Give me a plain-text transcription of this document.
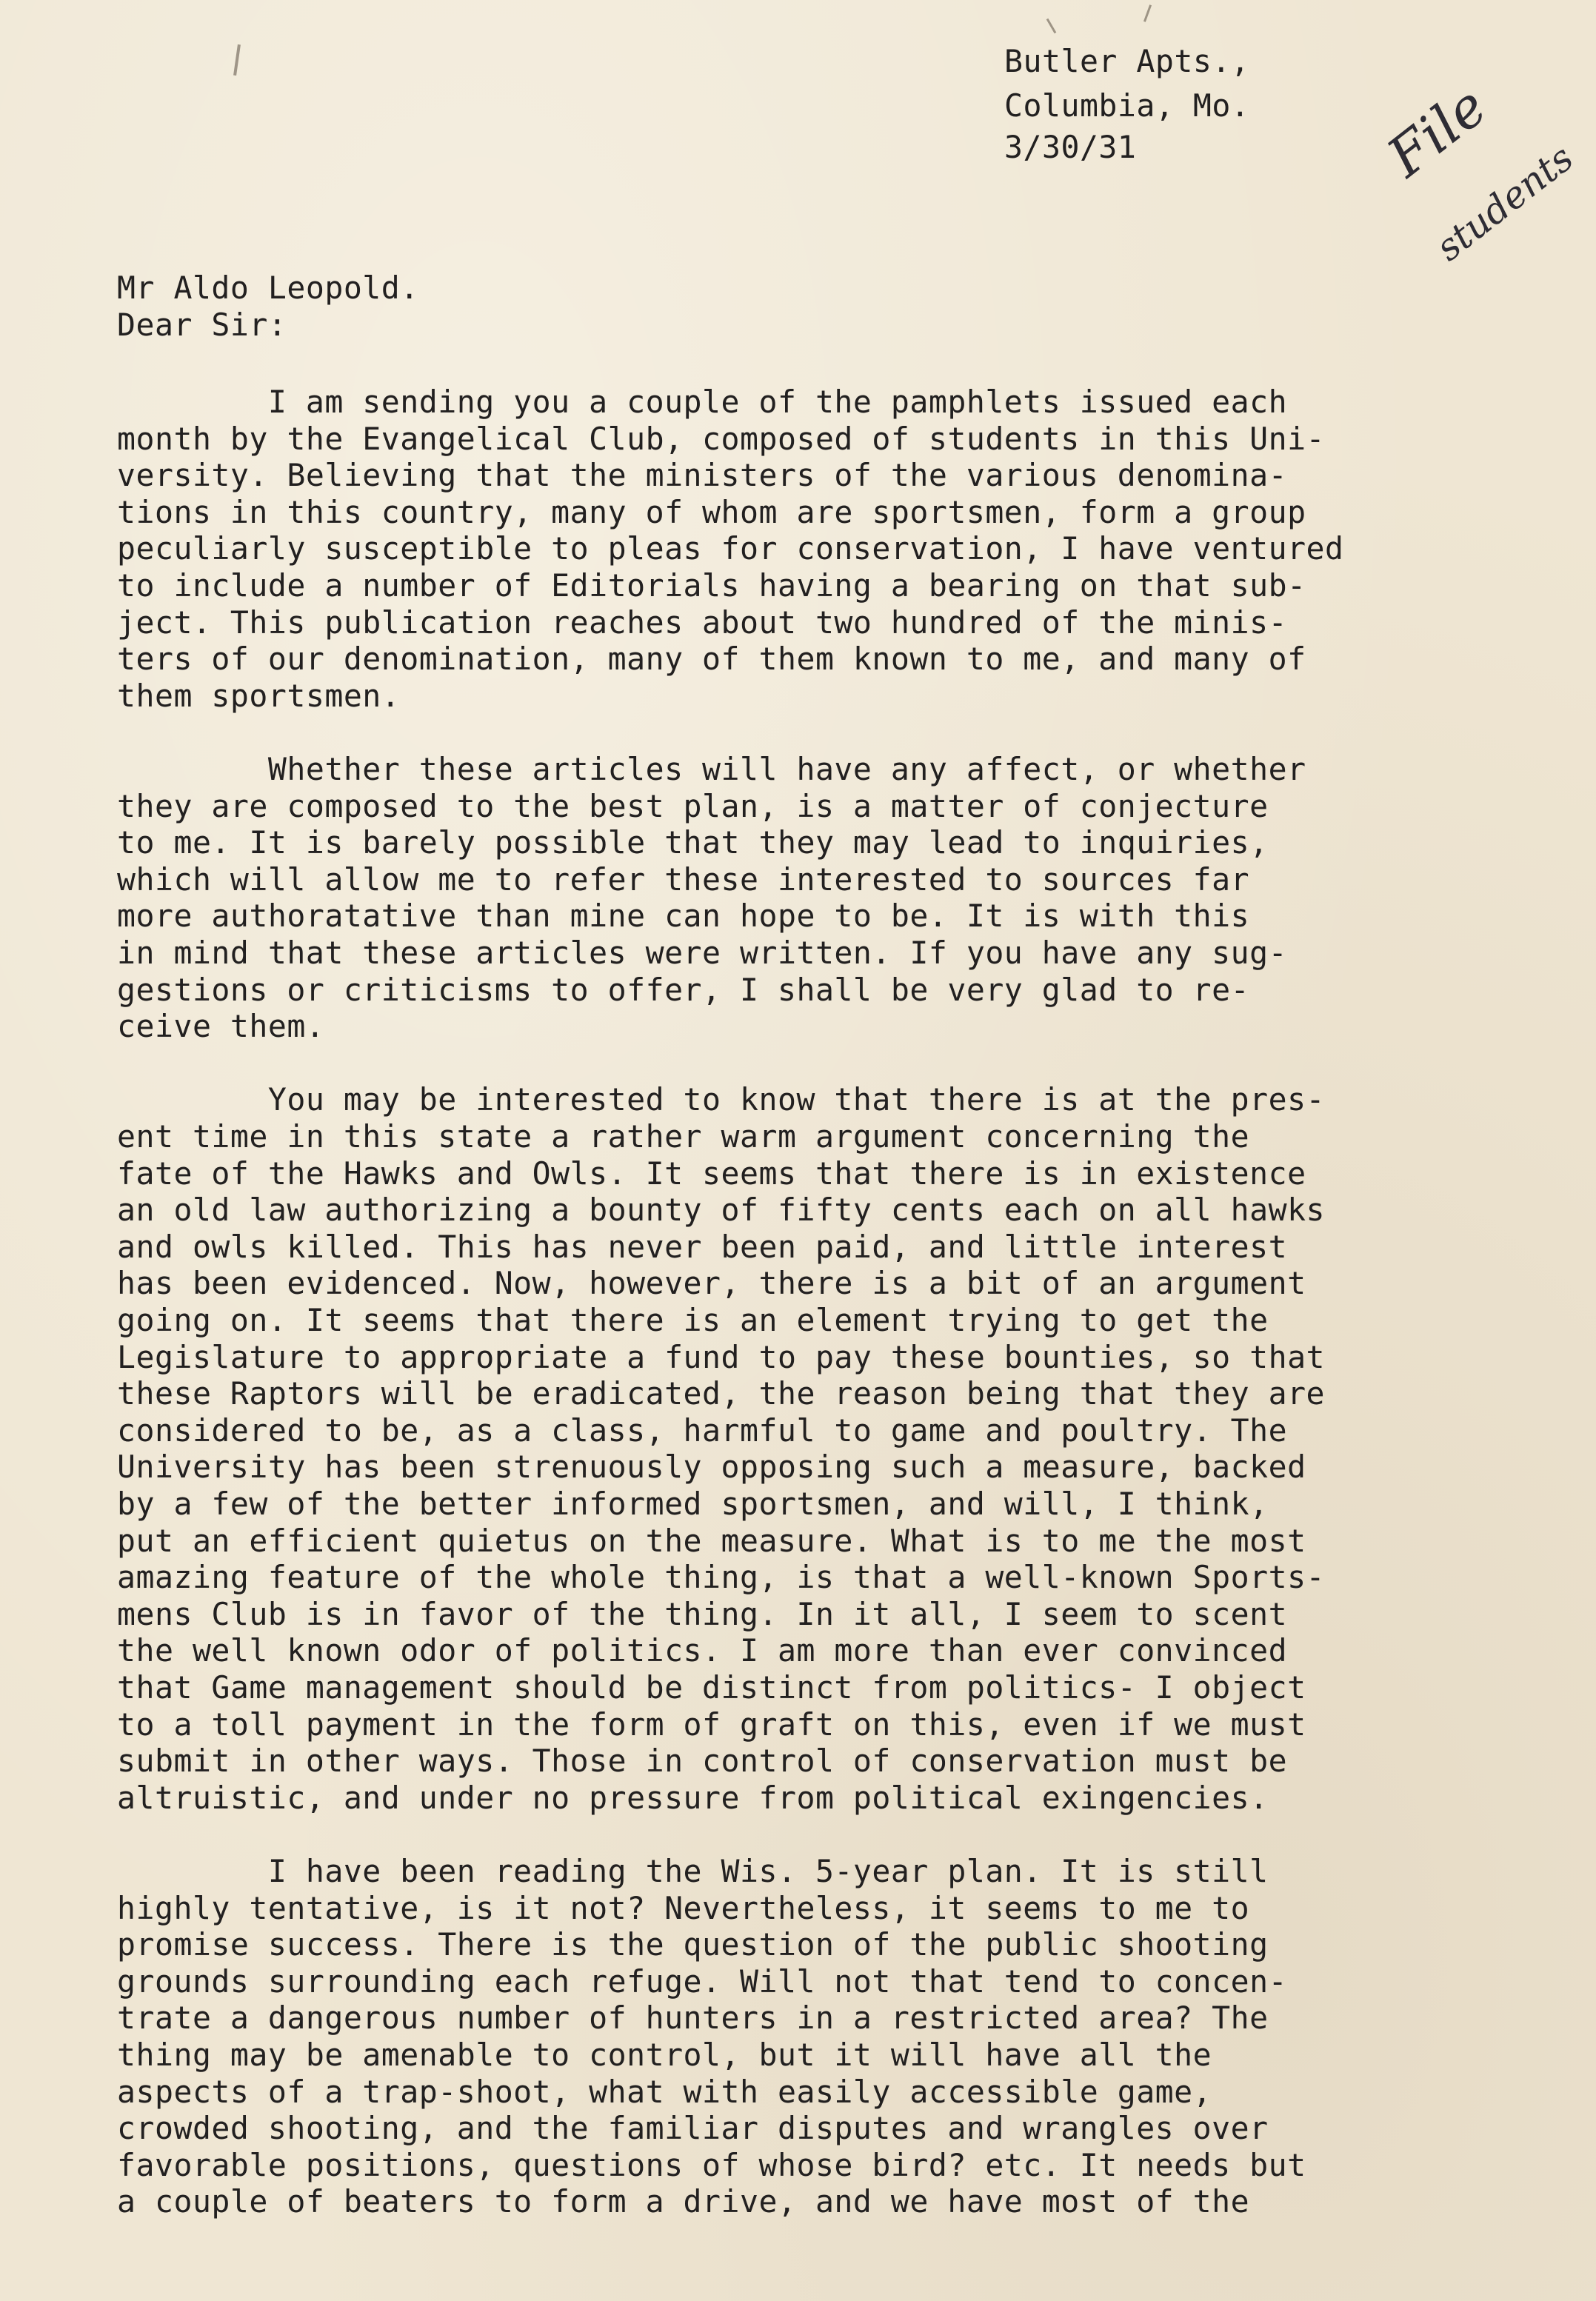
Butler Apts.,

Columbia, Mo.

3/30/31

Mr Aldo Leopold.

Dear Sir:

I am sending you a couple of the pamphlets issued each
month by the Evangelical Club, composed of students in this Uni-
versity. Believing that the ministers of the various denomina-
tions in this country, many of whom are sportsmen, form a group
peculiarly susceptible to pleas for conservation, I have ventured
to include a number of Editorials having a bearing on that sub-
ject. This publication reaches about two hundred of the minis-
ters of our denomination, many of them known to me, and many of
them sportsmen.
Whether these articles will have any affect, or whether
they are composed to the best plan, is a matter of conjecture
to me. It is barely possible that they may lead to inquiries,
which will allow me to refer these interested to sources far
more authoratative than mine can hope to be. It is with this
in mind that these articles were written. If you have any sug-
gestions or criticisms to offer, I shall be very glad to re-
ceive them.
You may be interested to know that there is at the pres-
ent time in this state a rather warm argument concerning the
fate of the Hawks and Owls. It seems that there is in existence
an old law authorizing a bounty of fifty cents each on all hawks
and owls killed. This has never been paid, and little interest
has been evidenced. Now, however, there is a bit of an argument
going on. It seems that there is an element trying to get the
Legislature to appropriate a fund to pay these bounties, so that
these Raptors will be eradicated, the reason being that they are
considered to be, as a class, harmful to game and poultry. The
University has been strenuously opposing such a measure, backed
by a few of the better informed sportsmen, and will, I think,
put an efficient quietus on the measure. What is to me the most
amazing feature of the whole thing, is that a well-known Sports-
mens Club is in favor of the thing. In it all, I seem to scent
the well known odor of politics. I am more than ever convinced
that Game management should be distinct from politics- I object
to a toll payment in the form of graft on this, even if we must
submit in other ways. Those in control of conservation must be
altruistic, and under no pressure from political exingencies.
I have been reading the Wis. 5-year plan. It is still
highly tentative, is it not? Nevertheless, it seems to me to
promise success. There is the question of the public shooting
grounds surrounding each refuge. Will not that tend to concen-
trate a dangerous number of hunters in a restricted area? The
thing may be amenable to control, but it will have all the
aspects of a trap-shoot, what with easily accessible game,
crowded shooting, and the familiar disputes and wrangles over
favorable positions, questions of whose bird? etc. It needs but
a couple of beaters to form a drive, and we have most of the

File
students
